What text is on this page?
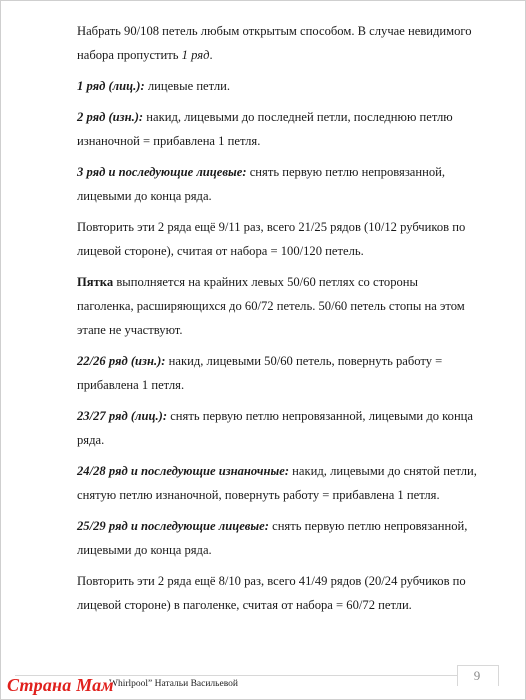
Набрать 90/108 петель любым открытым способом. В случае невидимого набора пропустить 1 ряд.

1 ряд (лиц.): лицевые петли.

2 ряд (изн.): накид, лицевыми до последней петли, последнюю петлю изнаночной = прибавлена 1 петля.

3 ряд и последующие лицевые: снять первую петлю непровязанной, лицевыми до конца ряда.

Повторить эти 2 ряда ещё 9/11 раз, всего 21/25 рядов (10/12 рубчиков по лицевой стороне), считая от набора = 100/120 петель.

Пятка выполняется на крайних левых 50/60 петлях со стороны паголенка, расширяющихся до 60/72 петель. 50/60 петель стопы на этом этапе не участвуют.

22/26 ряд (изн.): накид, лицевыми 50/60 петель, повернуть работу = прибавлена 1 петля.

23/27 ряд (лиц.): снять первую петлю непровязанной, лицевыми до конца ряда.

24/28 ряд и последующие изнаночные: накид, лицевыми до снятой петли, снятую петлю изнаночной, повернуть работу = прибавлена 1 петля.

25/29 ряд и последующие лицевые: снять первую петлю непровязанной, лицевыми до конца ряда.

Повторить эти 2 ряда ещё 8/10 раз, всего 41/49 рядов (20/24 рубчиков по лицевой стороне) в паголенке, считая от набора = 60/72 петли.

9
Whirlpool” Натальи Васильевой
Страна Мам
